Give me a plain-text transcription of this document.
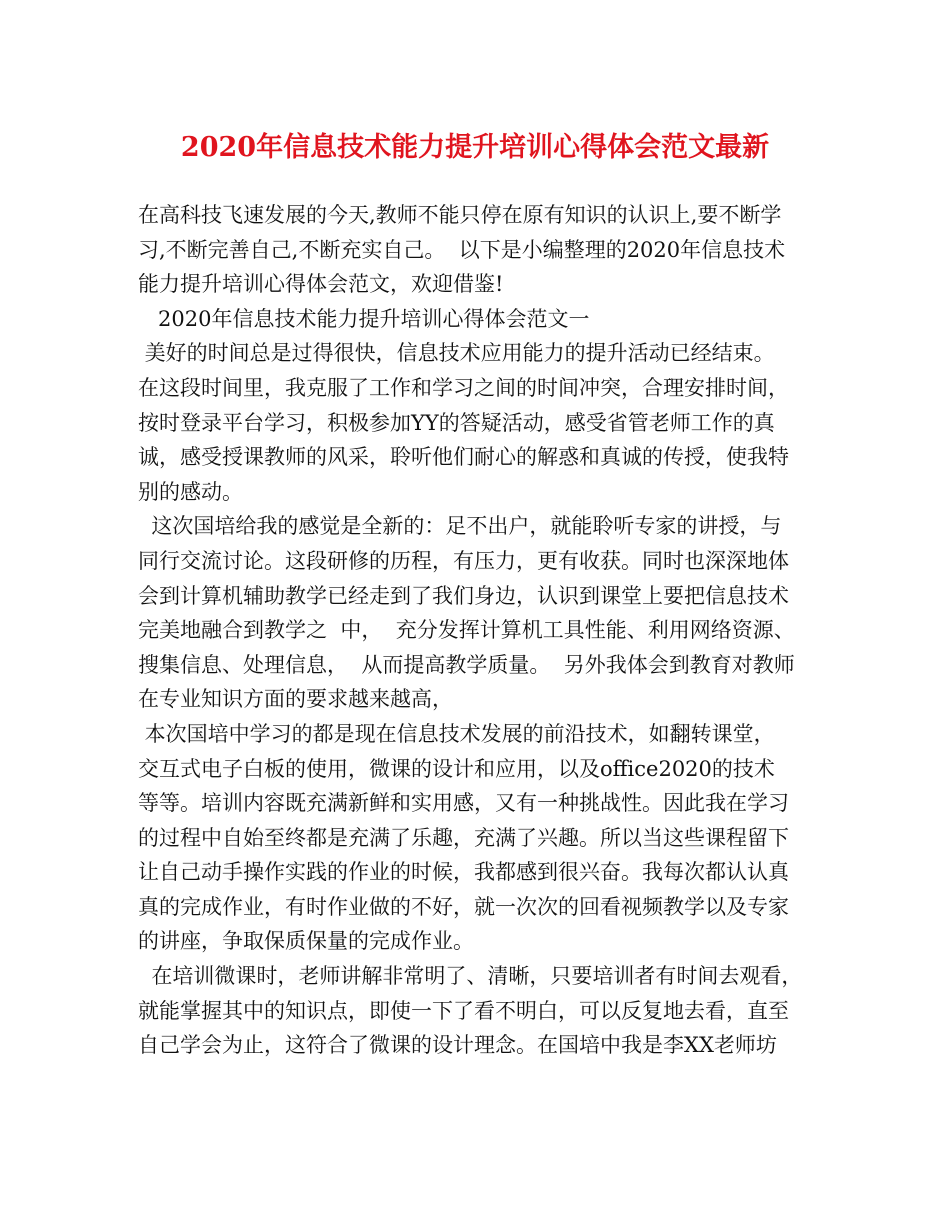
2020年信息技术能力提升培训心得体会范文最新
在高科技飞速发展的今天,教师不能只停在原有知识的认识上,要不断学
习,不断完善自己,不断充实自己。  以下是小编整理的2020年信息技术
能力提升培训心得体会范文，欢迎借鉴!
2020年信息技术能力提升培训心得体会范文一
美好的时间总是过得很快，信息技术应用能力的提升活动已经结束。
在这段时间里，我克服了工作和学习之间的时间冲突，合理安排时间，
按时登录平台学习，积极参加YY的答疑活动，感受省管老师工作的真
诚，感受授课教师的风采，聆听他们耐心的解惑和真诚的传授，使我特
别的感动。
这次国培给我的感觉是全新的：足不出户，就能聆听专家的讲授，与
同行交流讨论。这段研修的历程，有压力，更有收获。同时也深深地体
会到计算机辅助教学已经走到了我们身边，认识到课堂上要把信息技术
完美地融合到教学之  中，  充分发挥计算机工具性能、利用网络资源、
搜集信息、处理信息，  从而提高教学质量。  另外我体会到教育对教师
在专业知识方面的要求越来越高，
本次国培中学习的都是现在信息技术发展的前沿技术，如翻转课堂，
交互式电子白板的使用，微课的设计和应用，以及office2020的技术
等等。培训内容既充满新鲜和实用感，又有一种挑战性。因此我在学习
的过程中自始至终都是充满了乐趣，充满了兴趣。所以当这些课程留下
让自己动手操作实践的作业的时候，我都感到很兴奋。我每次都认认真
真的完成作业，有时作业做的不好，就一次次的回看视频教学以及专家
的讲座，争取保质保量的完成作业。
在培训微课时，老师讲解非常明了、清晰，只要培训者有时间去观看，
就能掌握其中的知识点，即使一下了看不明白，可以反复地去看，直至
自己学会为止，这符合了微课的设计理念。在国培中我是李XX老师坊
